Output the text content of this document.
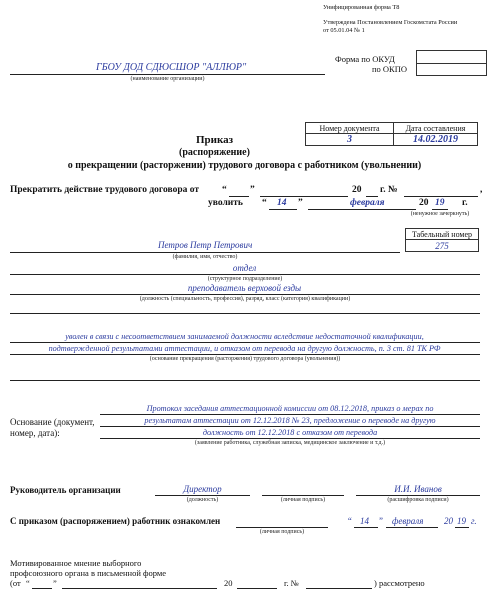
Унифицированная форма Т8
Утверждена Постановлением Госкомстата России
от 05.01.04 № 1
Форма по ОКУД
по ОКПО
ГБОУ ДОД СДЮСШОР "АЛЛЮР"
(наименование организации)
Номер документа	Дата составления
3	14.02.2019
Приказ
(распоряжение)
о прекращении (расторжении) трудового договора с работником (увольнении)
Прекратить действие трудового договора от “ ”	20 г. №	,
уволить “ 14 ”	февраля	20 19 г.
(ненужное зачеркнуть)
Табельный номер
275
Петров Петр Петрович
(фамилия, имя, отчество)
отдел
(структурное подразделение)
преподаватель верховой езды
(должность (специальность, профессия), разряд, класс (категория) квалификации)
уволен в связи с несоответствием занимаемой должности вследствие недостаточной квалификации,
подтвержденной результатами аттестации, и отказом от перевода на другую должность, п. 3 ст. 81 ТК РФ
(основание прекращения (расторжения) трудового договора (увольнения))
Основание (документ,
номер, дата):
Протокол заседания аттестационной комиссии от 08.12.2018, приказ о мерах по
результатам аттестации от 12.12.2018 № 23, предложение о переводе на другую
должность от 12.12.2018 с отказом от перевода
(заявление работника, служебная записка, медицинское заключение и т.д.)
Руководитель организации	Директор
(должность)	(личная подпись)
И.И. Иванов
(расшифровка подписи)
С приказом (распоряжением) работник ознакомлен
(личная подпись)
“ 14 ” февраля 20 19 г.
Мотивированное мнение выборного
профсоюзного органа в письменной форме
(от “	”	20	г. №	) рассмотрено
